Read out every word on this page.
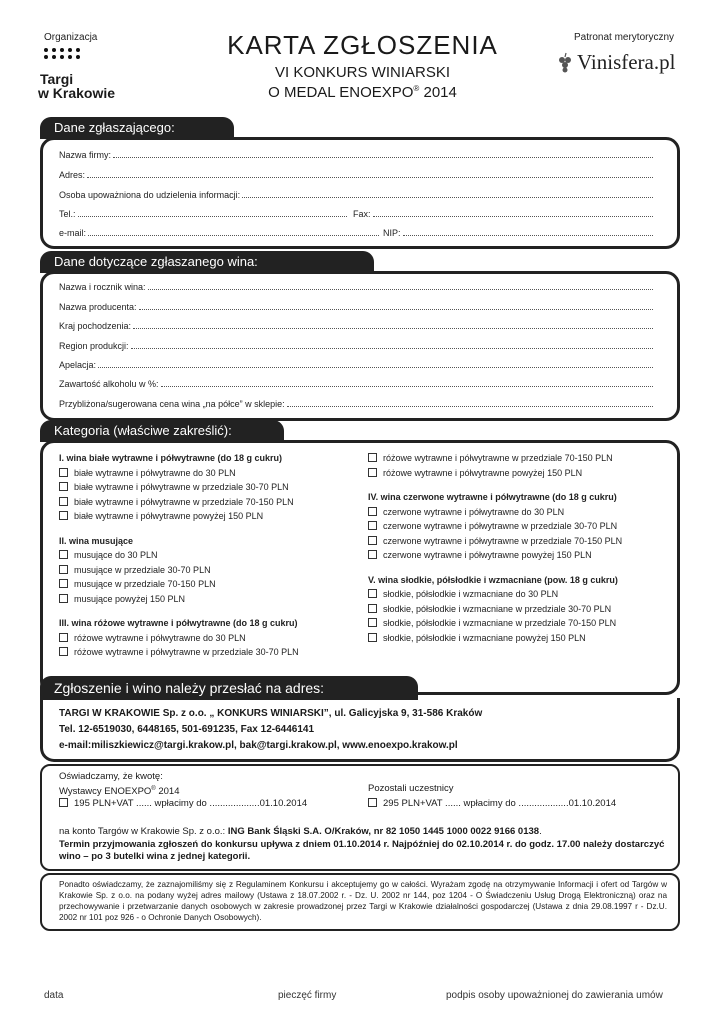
Organizacja
Targi
w Krakowie
KARTA ZGŁOSZENIA
VI KONKURS WINIARSKI
O MEDAL ENOEXPO® 2014
Patronat merytoryczny
Vinisfera.pl
Dane zgłaszającego:
Nazwa firmy:
Adres:
Osoba upoważniona do udzielenia informacji:
Tel.:	Fax:
e-mail:	NIP:
Dane dotyczące zgłaszanego wina:
Nazwa i rocznik wina:
Nazwa producenta:
Kraj pochodzenia:
Region produkcji:
Apelacja:
Zawartość alkoholu w %:
Przybliżona/sugerowana cena wina „na półce” w sklepie:
Kategoria (właściwe zakreślić):
I. wina białe wytrawne i półwytrawne (do 18 g cukru)
białe wytrawne i półwytrawne do 30 PLN
białe wytrawne i półwytrawne w przedziale 30-70 PLN
białe wytrawne i półwytrawne w przedziale 70-150 PLN
białe wytrawne i półwytrawne powyżej 150 PLN
II. wina musujące
musujące do 30 PLN
musujące w przedziale 30-70 PLN
musujące w przedziale 70-150 PLN
musujące powyżej 150 PLN
III. wina różowe wytrawne i półwytrawne (do 18 g cukru)
różowe wytrawne i półwytrawne do 30 PLN
różowe wytrawne i półwytrawne w przedziale 30-70 PLN
różowe wytrawne i półwytrawne w przedziale 70-150 PLN
różowe wytrawne i półwytrawne powyżej 150 PLN
IV. wina czerwone wytrawne i półwytrawne (do 18 g cukru)
czerwone wytrawne i półwytrawne do 30 PLN
czerwone wytrawne i półwytrawne w przedziale 30-70 PLN
czerwone wytrawne i półwytrawne w przedziale 70-150 PLN
czerwone wytrawne i półwytrawne powyżej 150 PLN
V. wina słodkie, półsłodkie i wzmacniane (pow. 18 g cukru)
słodkie, półsłodkie i wzmacniane do 30 PLN
słodkie, półsłodkie i wzmacniane w przedziale 30-70 PLN
słodkie, półsłodkie i wzmacniane w przedziale 70-150 PLN
słodkie, półsłodkie i wzmacniane powyżej 150 PLN
Zgłoszenie i wino należy przesłać na adres:
TARGI W KRAKOWIE Sp. z o.o. „ KONKURS WINIARSKI”, ul. Galicyjska 9, 31-586 Kraków
Tel. 12-6519030, 6448165, 501-691235, Fax 12-6446141
e-mail:miliszkiewicz@targi.krakow.pl, bak@targi.krakow.pl, www.enoexpo.krakow.pl
Oświadczamy, że kwotę:
Wystawcy ENOEXPO® 2014
195 PLN+VAT ...... wpłacimy do ...................01.10.2014
Pozostali uczestnicy
295 PLN+VAT ...... wpłacimy do ...................01.10.2014
na konto Targów w Krakowie Sp. z o.o.: ING Bank Śląski S.A. O/Kraków, nr 82 1050 1445 1000 0022 9166 0138.
Termin przyjmowania zgłoszeń do konkursu upływa z dniem 01.10.2014 r. Najpóźniej do 02.10.2014 r. do godz. 17.00 należy dostarczyć wino – po 3 butelki wina z jednej kategorii.
Ponadto oświadczamy, że zaznajomiliśmy się z Regulaminem Konkursu i akceptujemy go w całości. Wyrażam zgodę na otrzymywanie Informacji i ofert od Targów w Krakowie Sp. z o.o. na podany wyżej adres mailowy (Ustawa z 18.07.2002 r. - Dz. U. 2002 nr 144, poz 1204 - O Świadczeniu Usług Drogą Elektroniczną) oraz na przechowywanie i przetwarzanie danych osobowych w zakresie prowadzonej przez Targi w Krakowie działalności gospodarczej (Ustawa z dnia 29.08.1997 r - Dz.U. 2002 nr 101 poz 926 - o Ochronie Danych Osobowych).
data	pieczęć firmy	podpis osoby upoważnionej do zawierania umów
